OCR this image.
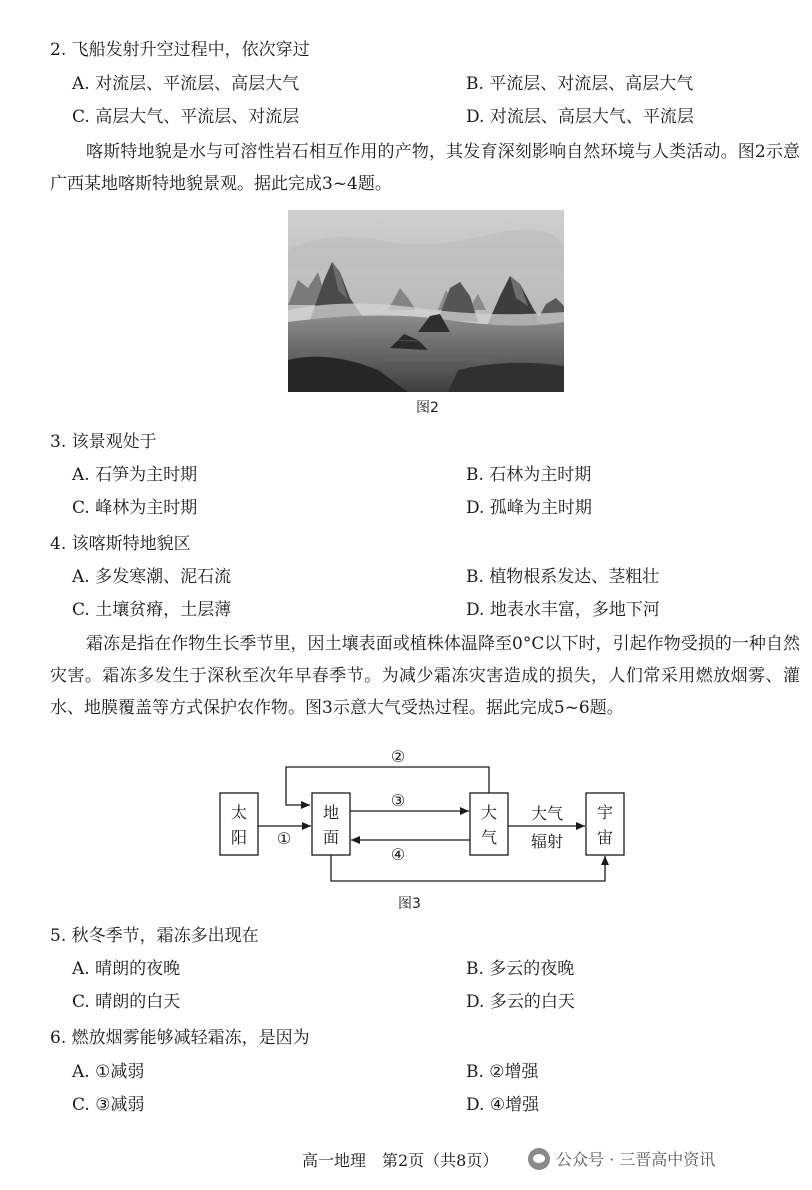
2. 飞船发射升空过程中，依次穿过
A. 对流层、平流层、高层大气	B. 平流层、对流层、高层大气
C. 高层大气、平流层、对流层	D. 对流层、高层大气、平流层
喀斯特地貌是水与可溶性岩石相互作用的产物，其发育深刻影响自然环境与人类活动。图2示意广西某地喀斯特地貌景观。据此完成3~4题。
图2
3. 该景观处于
A. 石笋为主时期	B. 石林为主时期
C. 峰林为主时期	D. 孤峰为主时期
4. 该喀斯特地貌区
A. 多发寒潮、泥石流	B. 植物根系发达、茎粗壮
C. 土壤贫瘠，土层薄	D. 地表水丰富，多地下河
霜冻是指在作物生长季节里，因土壤表面或植株体温降至0°C以下时，引起作物受损的一种自然灾害。霜冻多发生于深秋至次年早春季节。为减少霜冻灾害造成的损失，人们常采用燃放烟雾、灌水、地膜覆盖等方式保护农作物。图3示意大气受热过程。据此完成5~6题。
太
阳
地
面
大
气
宇
宙
①
②
③
④
大气
辐射
图3
5. 秋冬季节，霜冻多出现在
A. 晴朗的夜晚	B. 多云的夜晚
C. 晴朗的白天	D. 多云的白天
6. 燃放烟雾能够减轻霜冻，是因为
A. ①减弱	B. ②增强
C. ③减弱	D. ④增强
高一地理　第2页（共8页）	公众号 · 三晋高中资讯
